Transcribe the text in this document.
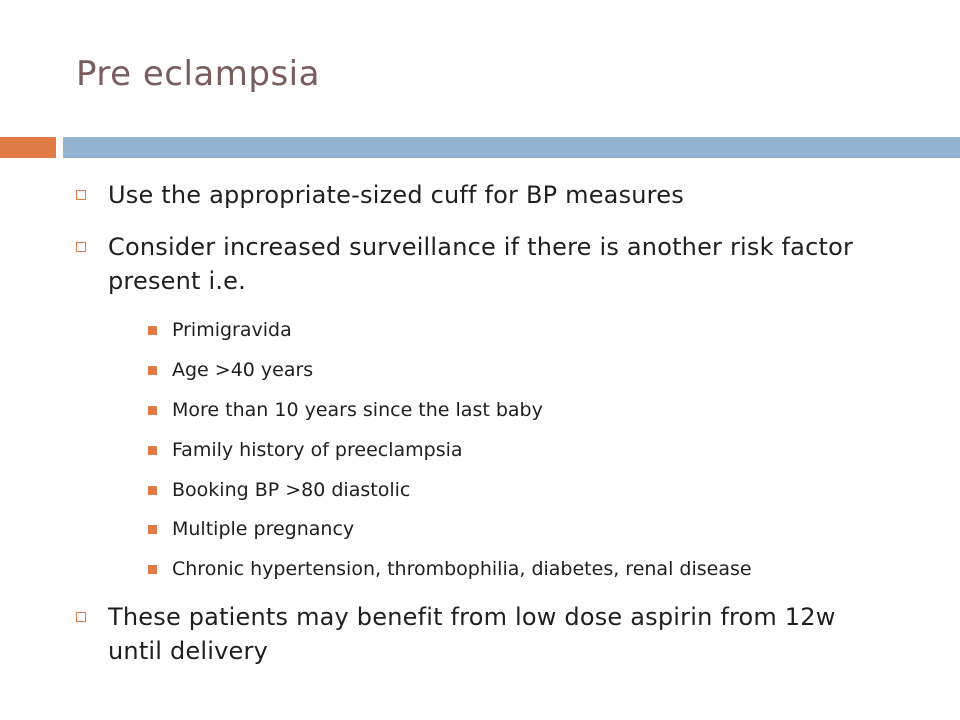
Pre eclampsia
Use the appropriate-sized cuff for BP measures
Consider increased surveillance if there is another risk factor present i.e.
Primigravida
Age >40 years
More than 10 years since the last baby
Family history of preeclampsia
Booking BP >80 diastolic
Multiple pregnancy
Chronic hypertension, thrombophilia, diabetes, renal disease
These patients may benefit from low dose aspirin from 12w until delivery
